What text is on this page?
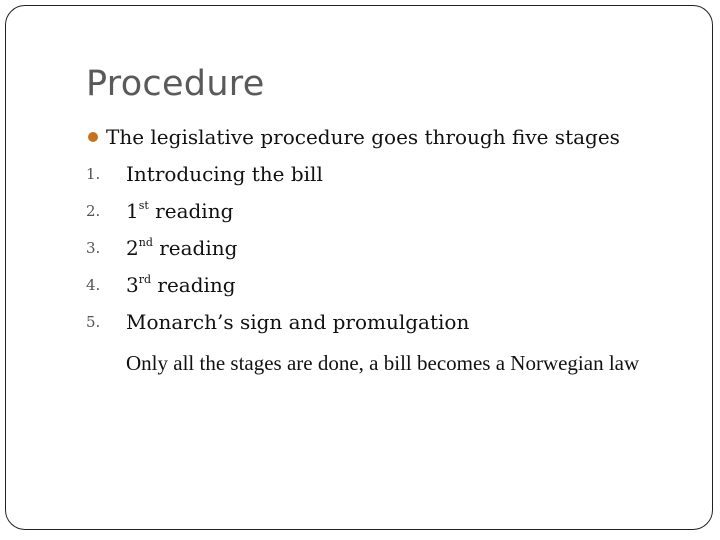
Procedure
The legislative procedure goes through five stages
1.	Introducing the bill
2.	1st reading
3.	2nd reading
4.	3rd reading
5.	Monarch’s sign and promulgation
Only all the stages are done, a bill becomes a Norwegian law
